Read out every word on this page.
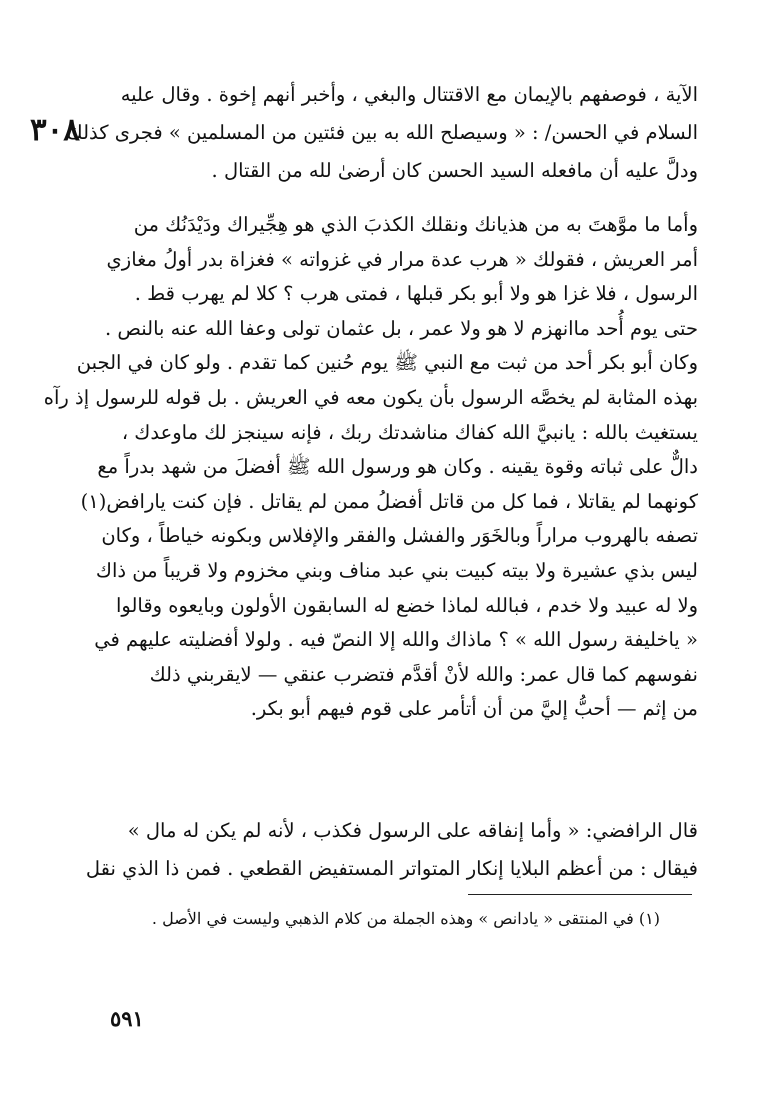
٣٠٨
الآية ، فوصفهم بالإيمان مع الاقتتال والبغي ، وأخبر أنهم إخوة . وقال عليه
السلام في الحسن/ : « وسيصلح الله به بين فئتين من المسلمين » فجرى كذلك
ودلَّ عليه أن مافعله السيد الحسن كان أرضىٰ لله من القتال .
وأما ما موَّهتَ به من هذيانك ونقلك الكذبَ الذي هو هِجِّيراك ودَيْدَنُك من
أمر العريش ، فقولك « هرب عدة مرار في غزواته » فغزاة بدر أولُ مغازي
الرسول ، فلا غزا هو ولا أبو بكر قبلها ، فمتى هرب ؟ كلا لم يهرب قط .
حتى يوم أُحد ماانهزم لا هو ولا عمر ، بل عثمان تولى وعفا الله عنه بالنص .
وكان أبو بكر أحد من ثبت مع النبي ﷺ يوم حُنين كما تقدم . ولو كان في الجبن
بهذه المثابة لم يخصَّه الرسول بأن يكون معه في العريش . بل قوله للرسول إذ رآه
يستغيث بالله : يانبيَّ الله كفاك مناشدتك ربك ، فإنه سينجز لك ماوعدك ،
دالٌّ على ثباته وقوة يقينه . وكان هو ورسول الله ﷺ أفضلَ من شهد بدراً مع
كونهما لم يقاتلا ، فما كل من قاتل أفضلُ ممن لم يقاتل . فإن كنت يارافض(١)
تصفه بالهروب مراراً وبالخَوَر والفشل والفقر والإفلاس وبكونه خياطاً ، وكان
ليس بذي عشيرة ولا بيته كبيت بني عبد مناف وبني مخزوم ولا قريباً من ذاك
ولا له عبيد ولا خدم ، فبالله لماذا خضع له السابقون الأولون وبايعوه وقالوا
« ياخليفة رسول الله » ؟ ماذاك والله إلا النصّ فيه . ولولا أفضليته عليهم في
نفوسهم كما قال عمر: والله لأنْ أقدَّم فتضرب عنقي — لايقربني ذلك
من إثم — أحبُّ إليَّ من أن أتأمر على قوم فيهم أبو بكر.
قال الرافضي: « وأما إنفاقه على الرسول فكذب ، لأنه لم يكن له مال »
فيقال : من أعظم البلايا إنكار المتواتر المستفيض القطعي . فمن ذا الذي نقل
(١) في المنتقى « يادانص » وهذه الجملة من كلام الذهبي وليست في الأصل .
٥٩١
